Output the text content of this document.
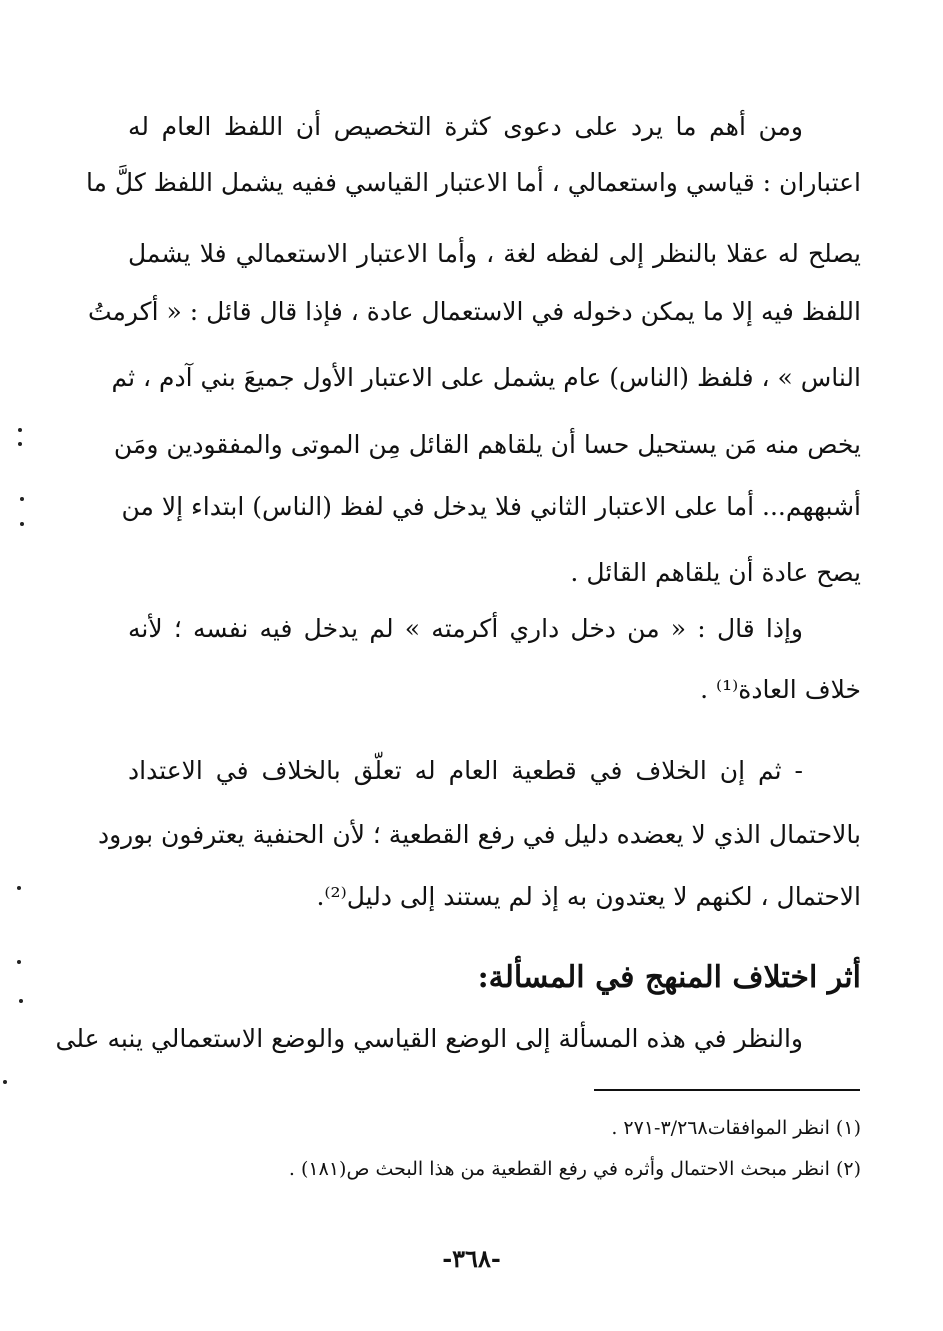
ومن أهم ما يرد على دعوى كثرة التخصيص أن اللفظ العام له
اعتباران : قياسي واستعمالي ، أما الاعتبار القياسي ففيه يشمل اللفظ كلَّ ما
يصلح له عقلا بالنظر إلى لفظه لغة ، وأما الاعتبار الاستعمالي فلا يشمل
اللفظ فيه إلا ما يمكن دخوله في الاستعمال عادة ، فإذا قال قائل : « أكرمتُ
الناس » ، فلفظ (الناس) عام يشمل على الاعتبار الأول جميعَ بني آدم ، ثم
يخص منه مَن يستحيل حسا أن يلقاهم القائل مِن الموتى والمفقودين ومَن
أشبههم... أما على الاعتبار الثاني فلا يدخل في لفظ (الناس) ابتداء إلا من
يصح عادة أن يلقاهم القائل .
وإذا قال : « من دخل داري أكرمته » لم يدخل فيه نفسه ؛ لأنه
خلاف العادة⁽¹⁾ .
- ثم إن الخلاف في قطعية العام له تعلّق بالخلاف في الاعتداد
بالاحتمال الذي لا يعضده دليل في رفع القطعية ؛ لأن الحنفية يعترفون بورود
الاحتمال ، لكنهم لا يعتدون به إذ لم يستند إلى دليل⁽²⁾.
والنظر في هذه المسألة إلى الوضع القياسي والوضع الاستعمالي ينبه على
أثر اختلاف المنهج في المسألة:
(١) انظر الموافقات٣/٢٦٨-٢٧١ .
(٢) انظر مبحث الاحتمال وأثره في رفع القطعية من هذا البحث ص(١٨١) .
-٣٦٨-
